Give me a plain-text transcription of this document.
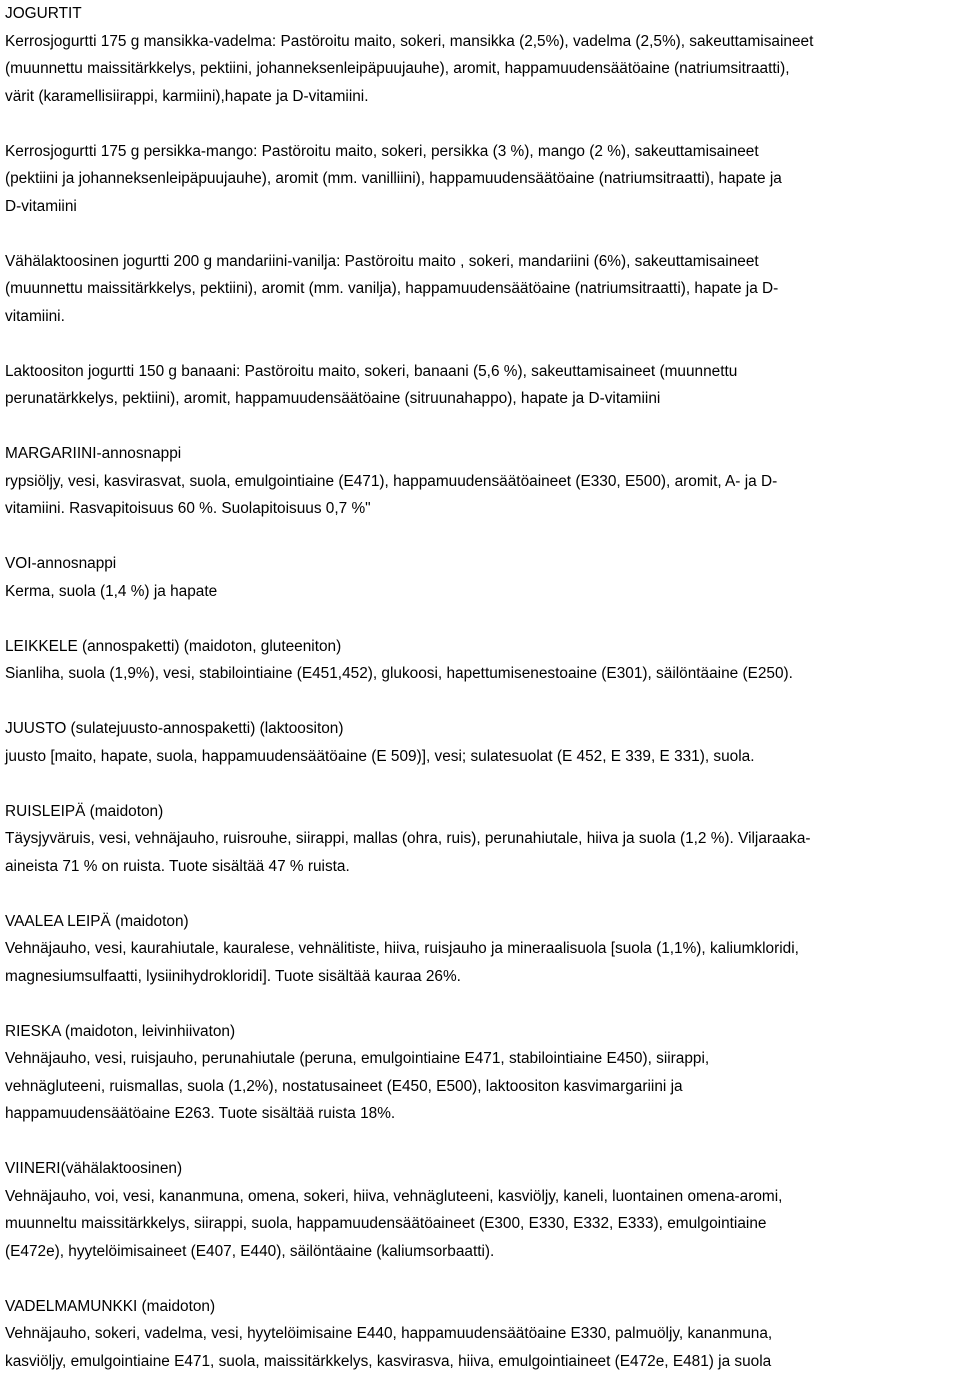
JOGURTIT
Kerrosjogurtti 175 g mansikka-vadelma: Pastöroitu maito, sokeri, mansikka (2,5%), vadelma (2,5%), sakeuttamisaineet
(muunnettu maissitärkkelys, pektiini, johanneksenleipäpuujauhe), aromit, happamuudensäätöaine (natriumsitraatti),
värit (karamellisiirappi, karmiini),hapate ja D-vitamiini.
Kerrosjogurtti 175 g persikka-mango: Pastöroitu maito, sokeri, persikka (3 %), mango (2 %), sakeuttamisaineet
(pektiini ja johanneksenleipäpuujauhe), aromit (mm. vanilliini), happamuudensäätöaine (natriumsitraatti), hapate ja
D-vitamiini
Vähälaktoosinen jogurtti 200 g mandariini-vanilja: Pastöroitu maito , sokeri, mandariini (6%), sakeuttamisaineet
(muunnettu maissitärkkelys, pektiini), aromit (mm. vanilja), happamuudensäätöaine (natriumsitraatti), hapate ja D-
vitamiini.
Laktoositon jogurtti 150 g banaani: Pastöroitu maito, sokeri, banaani (5,6 %), sakeuttamisaineet (muunnettu
perunatärkkelys, pektiini), aromit, happamuudensäätöaine (sitruunahappo), hapate ja D-vitamiini
MARGARIINI-annosnappi
rypsiöljy, vesi, kasvirasvat, suola, emulgointiaine (E471), happamuudensäätöaineet (E330, E500), aromit, A- ja D-
vitamiini. Rasvapitoisuus 60 %. Suolapitoisuus 0,7 %"
VOI-annosnappi
Kerma, suola (1,4 %) ja hapate
LEIKKELE (annospaketti) (maidoton, gluteeniton)
Sianliha, suola (1,9%), vesi, stabilointiaine (E451,452), glukoosi, hapettumisenestoaine (E301), säilöntäaine (E250).
JUUSTO (sulatejuusto-annospaketti) (laktoositon)
juusto [maito, hapate, suola, happamuudensäätöaine (E 509)], vesi; sulatesuolat (E 452, E 339, E 331), suola.
RUISLEIPÄ (maidoton)
Täysjyväruis, vesi, vehnäjauho, ruisrouhe, siirappi, mallas (ohra, ruis), perunahiutale, hiiva ja suola (1,2 %). Viljaraaka-
aineista 71 % on ruista. Tuote sisältää 47 % ruista.
VAALEA LEIPÄ (maidoton)
Vehnäjauho, vesi, kaurahiutale, kauralese, vehnälitiste, hiiva, ruisjauho ja mineraalisuola [suola (1,1%), kaliumkloridi,
magnesiumsulfaatti, lysiinihydrokloridi]. Tuote sisältää kauraa 26%.
RIESKA (maidoton, leivinhiivaton)
Vehnäjauho, vesi, ruisjauho, perunahiutale (peruna, emulgointiaine E471, stabilointiaine E450), siirappi,
vehnägluteeni, ruismallas, suola (1,2%), nostatusaineet (E450, E500), laktoositon kasvimargariini ja
happamuudensäätöaine E263. Tuote sisältää ruista 18%.
VIINERI(vähälaktoosinen)
Vehnäjauho, voi, vesi, kananmuna, omena, sokeri, hiiva, vehnägluteeni, kasviöljy, kaneli, luontainen omena-aromi,
muunneltu maissitärkkelys, siirappi, suola, happamuudensäätöaineet (E300, E330, E332, E333), emulgointiaine
(E472e), hyytelöimisaineet (E407, E440), säilöntäaine (kaliumsorbaatti).
VADELMAMUNKKI (maidoton)
Vehnäjauho, sokeri, vadelma, vesi, hyytelöimisaine E440, happamuudensäätöaine E330, palmuöljy, kananmuna,
kasviöljy, emulgointiaine E471, suola, maissitärkkelys, kasvirasva, hiiva, emulgointiaineet (E472e, E481) ja suola
